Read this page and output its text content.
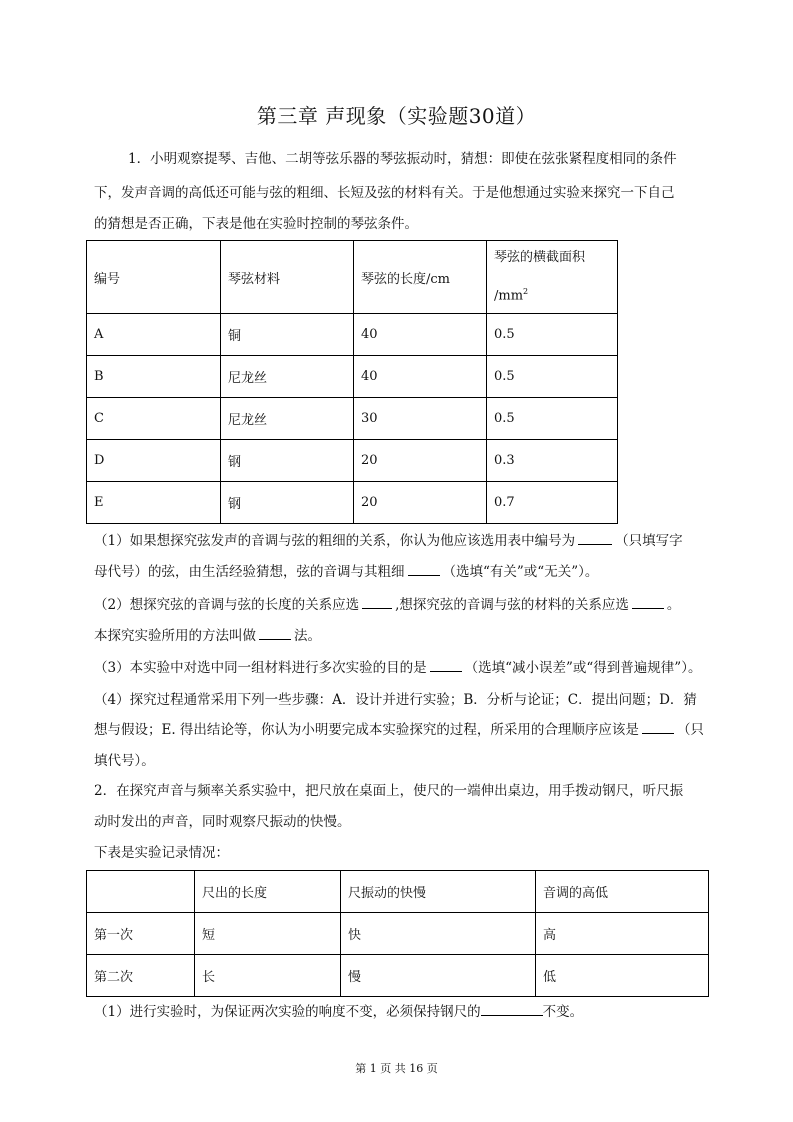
第三章 声现象（实验题30道）
1．小明观察提琴、吉他、二胡等弦乐器的琴弦振动时，猜想：即使在弦张紧程度相同的条件
下，发声音调的高低还可能与弦的粗细、长短及弦的材料有关。于是他想通过实验来探究一下自己
的猜想是否正确，下表是他在实验时控制的琴弦条件。
编号	琴弦材料	琴弦的长度/cm	琴弦的横截面积
$/mm^2$

A	铜	40	0.5
B	尼龙丝	40	0.5
C	尼龙丝	30	0.5
D	钢	20	0.3
E	钢	20	0.7
（1）如果想探究弦发声的音调与弦的粗细的关系，你认为他应该选用表中编号为	（只填写字
母代号）的弦，由生活经验猜想，弦的音调与其粗细	（选填“有关”或“无关”）。
（2）想探究弦的音调与弦的长度的关系应选	,想探究弦的音调与弦的材料的关系应选	。
本探究实验所用的方法叫做	法。
（3）本实验中对选中同一组材料进行多次实验的目的是	（选填“减小误差”或“得到普遍规律”）。
（4）探究过程通常采用下列一些步骤：A．设计并进行实验；B．分析与论证；C．提出问题；D．猜
想与假设；E. 得出结论等，你认为小明要完成本实验探究的过程，所采用的合理顺序应该是	（只
填代号）。
2．在探究声音与频率关系实验中，把尺放在桌面上，使尺的一端伸出桌边，用手拨动钢尺，听尺振
动时发出的声音，同时观察尺振动的快慢。
下表是实验记录情况：
	尺出的长度	尺振动的快慢	音调的高低
第一次	短	快	高
第二次	长	慢	低
（1）进行实验时，为保证两次实验的响度不变，必须保持钢尺的	不变。
第 1 页 共 16 页
